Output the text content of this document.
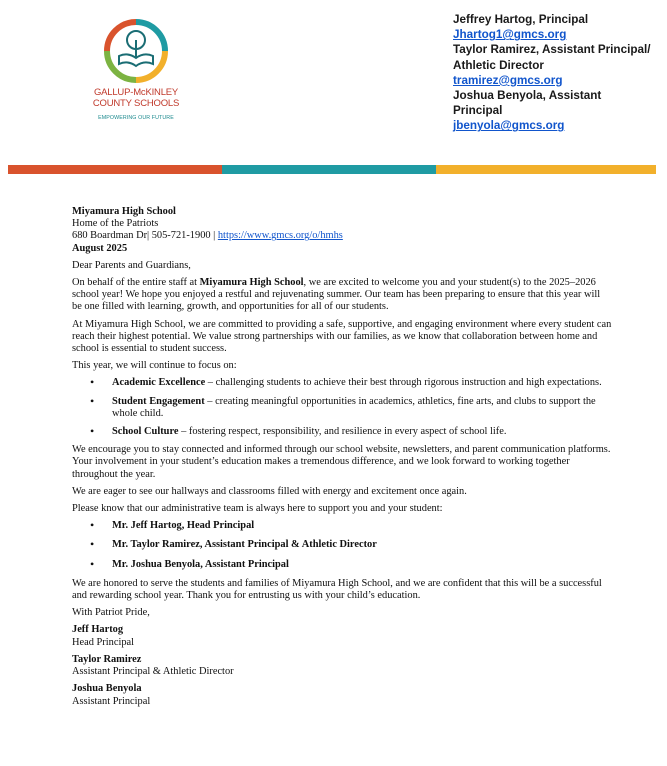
GALLUP-McKINLEY
COUNTY SCHOOLS
EMPOWERING OUR FUTURE
Jeffrey Hartog, Principal
Jhartog1@gmcs.org
Taylor Ramirez, Assistant Principal/ Athletic Director
tramirez@gmcs.org
Joshua Benyola, Assistant Principal
jbenyola@gmcs.org

Miyamura High School
Home of the Patriots
680 Boardman Dr| 505-721-1900 | https://www.gmcs.org/o/hmhs
August 2025

Dear Parents and Guardians,

On behalf of the entire staff at Miyamura High School, we are excited to welcome you and your student(s) to the 2025–2026 school year! We hope you enjoyed a restful and rejuvenating summer. Our team has been preparing to ensure that this year will be one filled with learning, growth, and opportunities for all of our students.

At Miyamura High School, we are committed to providing a safe, supportive, and engaging environment where every student can reach their highest potential. We value strong partnerships with our families, as we know that collaboration between home and school is essential to student success.

This year, we will continue to focus on:

• Academic Excellence – challenging students to achieve their best through rigorous instruction and high expectations.
• Student Engagement – creating meaningful opportunities in academics, athletics, fine arts, and clubs to support the whole child.
• School Culture – fostering respect, responsibility, and resilience in every aspect of school life.

We encourage you to stay connected and informed through our school website, newsletters, and parent communication platforms. Your involvement in your student’s education makes a tremendous difference, and we look forward to working together throughout the year.

We are eager to see our hallways and classrooms filled with energy and excitement once again.

Please know that our administrative team is always here to support you and your student:

• Mr. Jeff Hartog, Head Principal
• Mr. Taylor Ramirez, Assistant Principal & Athletic Director
• Mr. Joshua Benyola, Assistant Principal

We are honored to serve the students and families of Miyamura High School, and we are confident that this will be a successful and rewarding school year. Thank you for entrusting us with your child’s education.

With Patriot Pride,

Jeff Hartog
Head Principal
Taylor Ramirez
Assistant Principal & Athletic Director
Joshua Benyola
Assistant Principal
